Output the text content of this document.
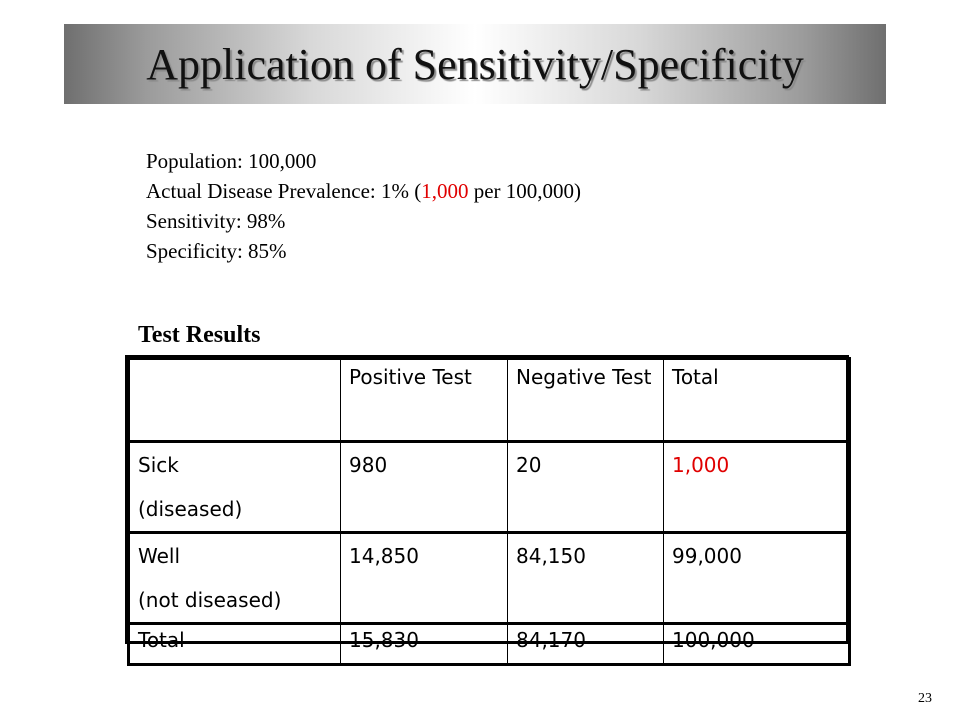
Application of Sensitivity/Specificity
Population: 100,000
Actual Disease Prevalence: 1% (1,000 per 100,000)
Sensitivity: 98%
Specificity: 85%
Test Results
	Positive Test	Negative Test	Total

Sick
(diseased)	980	20	1,000

Well
(not diseased)	14,850	84,150	99,000
Total	15,830	84,170	100,000
23
